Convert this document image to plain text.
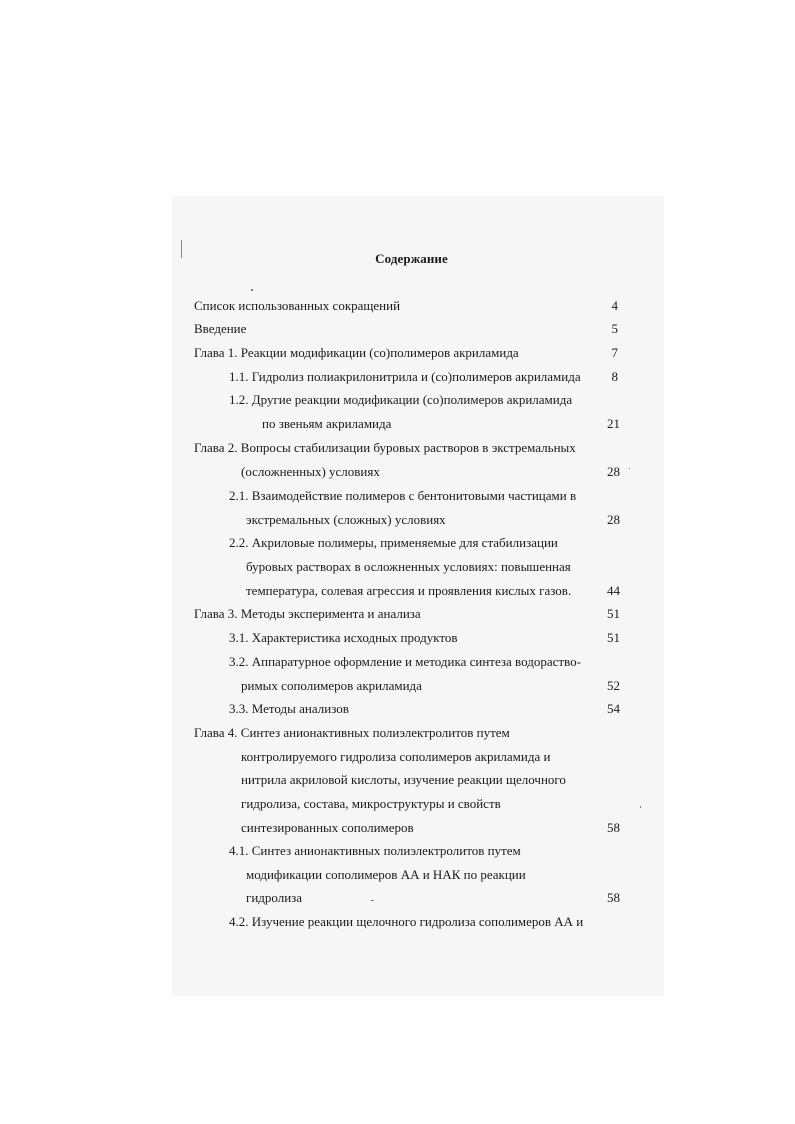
Содержание
Список использованных сокращений	4
Введение	5
Глава 1. Реакции модификации (со)полимеров акриламида	7
1.1. Гидролиз полиакрилонитрила и (со)полимеров акриламида	8
1.2. Другие реакции модификации (со)полимеров акриламида
по звеньям акриламида	21
Глава 2. Вопросы стабилизации буровых растворов в экстремальных
(осложненных) условиях	28
2.1. Взаимодействие полимеров с бентонитовыми частицами в
экстремальных (сложных) условиях	28
2.2. Акриловые полимеры, применяемые для стабилизации
буровых растворах в осложненных условиях: повышенная
температура, солевая агрессия и проявления кислых газов.	44
Глава 3. Методы эксперимента и анализа	51
3.1. Характеристика исходных продуктов	51
3.2. Аппаратурное оформление и методика синтеза водораство-
римых сополимеров акриламида	52
3.3. Методы анализов	54
Глава 4. Синтез анионактивных полиэлектролитов путем
контролируемого гидролиза сополимеров акриламида и
нитрила акриловой кислоты, изучение реакции щелочного
гидролиза, состава, микроструктуры и свойств
синтезированных сополимеров	58
4.1. Синтез анионактивных полиэлектролитов путем
модификации сополимеров АА и НАК по реакции
гидролиза	58
4.2. Изучение реакции щелочного гидролиза сополимеров АА и
